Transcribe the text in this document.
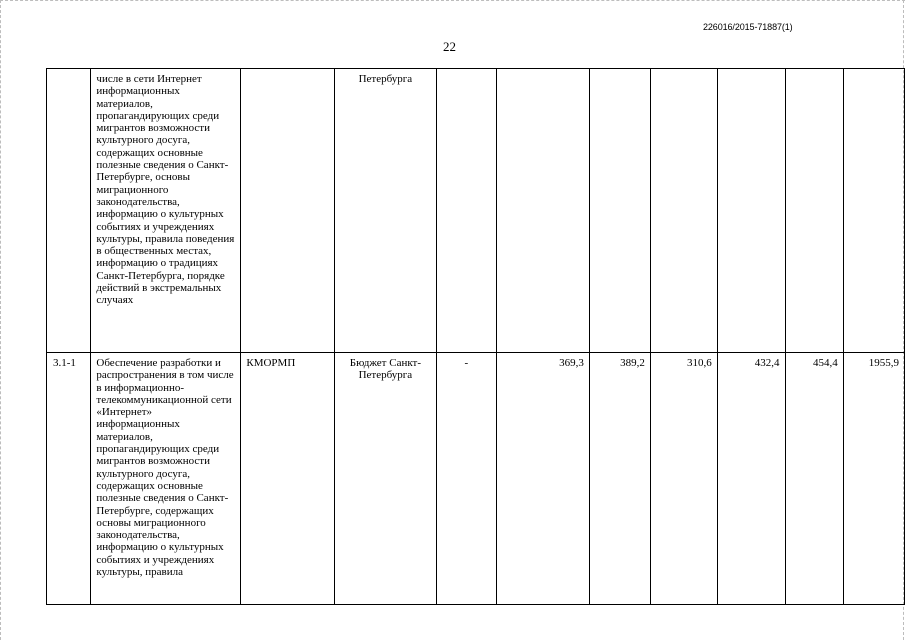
226016/2015-71887(1)
22
	числе в сети Интернет информационных материалов, пропагандирующих среди мигрантов возможности культурного досуга, содержащих основные полезные сведения о Санкт-Петербурге, основы миграционного законодательства, информацию о культурных событиях и учреждениях культуры, правила поведения в общественных местах, информацию о традициях Санкт-Петербурга, порядке действий в экстремальных случаях		Петербурга							
3.1-1	Обеспечение разработки и распространения в том числе в информационно-телекоммуникационной сети «Интернет» информационных материалов, пропагандирующих среди мигрантов возможности культурного досуга, содержащих основные полезные сведения о Санкт-Петербурге, содержащих основы миграционного законодательства, информацию о культурных событиях и учреждениях культуры, правила	КМОРМП	Бюджет Санкт-Петербурга	-	369,3	389,2	310,6	432,4	454,4	1955,9
